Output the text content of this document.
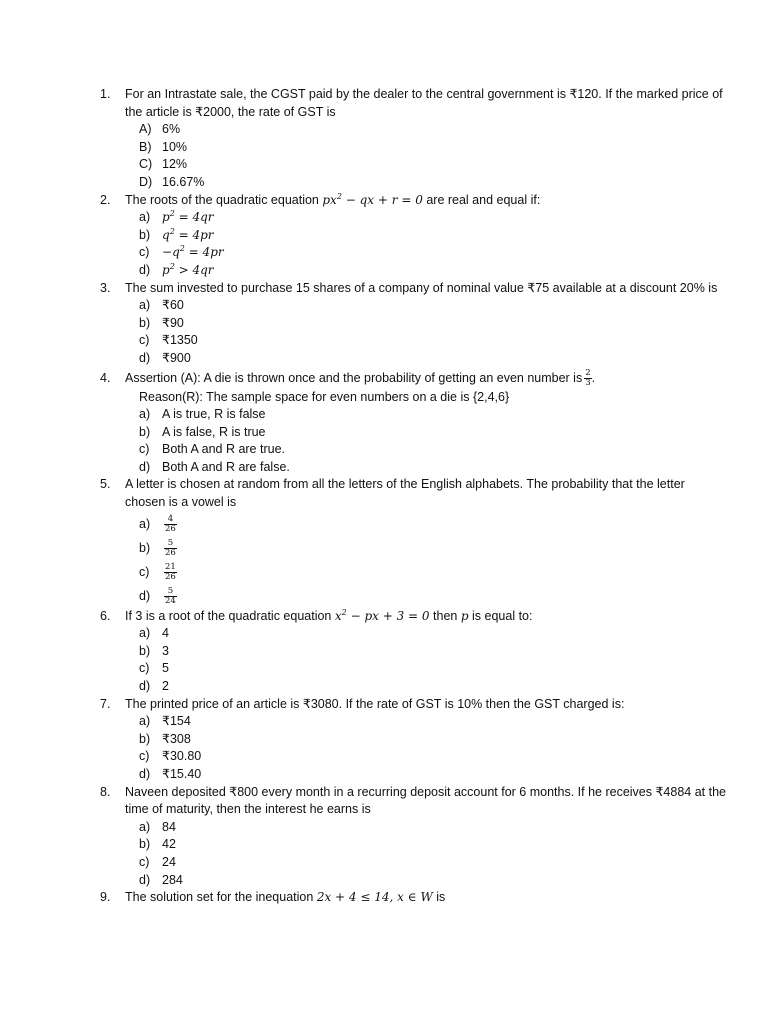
1.	For an Intrastate sale, the CGST paid by the dealer to the central government is ₹120. If the marked price of the article is ₹2000, the rate of GST is
A) 6%
B) 10%
C) 12%
D) 16.67%
2.	The roots of the quadratic equation $px^2$ − qx + r = 0 are real and equal if:
a) $p^2 = 4qr$
b) $q^2 = 4pr$
$c) -q^2 = 4pr$
d) $p^2 > 4qr$
3.	The sum invested to purchase 15 shares of a company of nominal value ₹75 available at a discount 20% is
a) ₹60
b) ₹90
c) ₹1350
d) ₹900
4.	Assertion (A): A die is thrown once and the probability of getting an even number is $\frac{2}{3}$ .
Reason(R): The sample space for even numbers on a die is {2,4,6}
a) A is true, R is false
b) A is false, R is true
c) Both A and R are true.
d) Both A and R are false.
5.	A letter is chosen at random from all the letters of the English alphabets. The probability that the letter chosen is a vowel is
$a) \frac{4}{26}$
$b) \frac{5}{26}$
$c) \frac{21}{26}$
$d) \frac{5}{24}$
6.	If 3 is a root of the quadratic equation $x^2$ − px + 3 = 0 then p is equal to:
a) 4
b) 3
c) 5
d) 2
7.	The printed price of an article is ₹3080. If the rate of GST is 10% then the GST charged is:
a) ₹154
b) ₹308
c) ₹30.80
d) ₹15.40
8.	Naveen deposited ₹800 every month in a recurring deposit account for 6 months. If he receives ₹4884 at the time of maturity, then the interest he earns is
a) 84
b) 42
c) 24
d) 284
9.	The solution set for the inequation 2x + 4 ≤ 14, x ∈ W is
